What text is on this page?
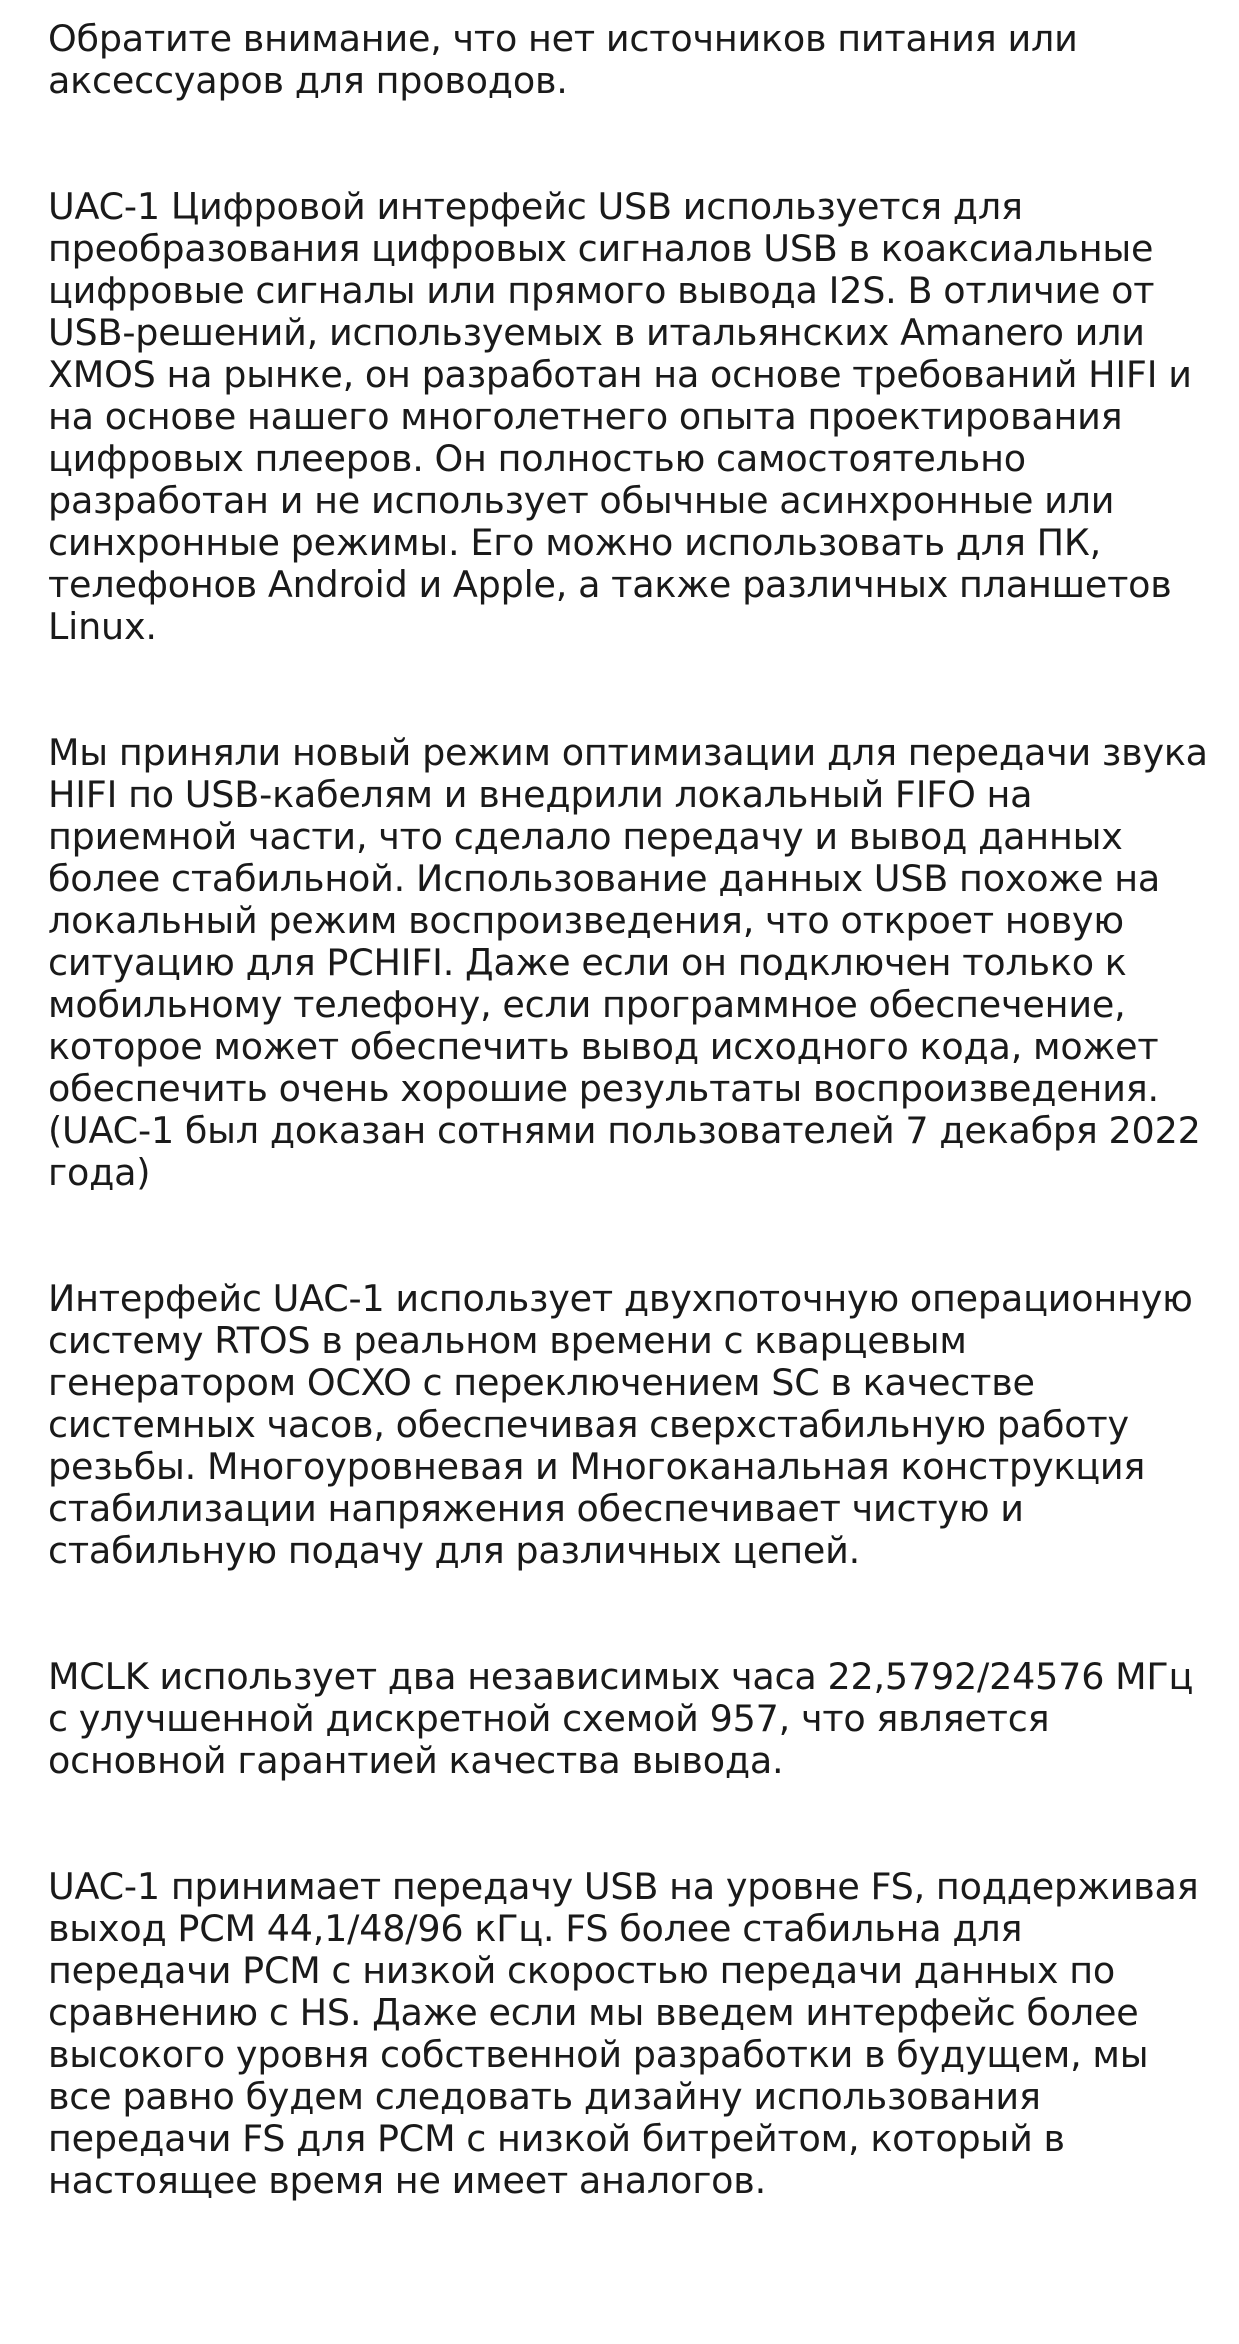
Обратите внимание, что нет источников питания или аксессуаров для проводов.

UAC-1 Цифровой интерфейс USB используется для преобразования цифровых сигналов USB в коаксиальные цифровые сигналы или прямого вывода I2S. В отличие от USB-решений, используемых в итальянских Amanero или XMOS на рынке, он разработан на основе требований HIFI и на основе нашего многолетнего опыта проектирования цифровых плееров. Он полностью самостоятельно разработан и не использует обычные асинхронные или синхронные режимы. Его можно использовать для ПК, телефонов Android и Apple, а также различных планшетов Linux.

Мы приняли новый режим оптимизации для передачи звука HIFI по USB-кабелям и внедрили локальный FIFO на приемной части, что сделало передачу и вывод данных более стабильной. Использование данных USB похоже на локальный режим воспроизведения, что откроет новую ситуацию для PCHIFI. Даже если он подключен только к мобильному телефону, если программное обеспечение, которое может обеспечить вывод исходного кода, может обеспечить очень хорошие результаты воспроизведения. (UAC-1 был доказан сотнями пользователей 7 декабря 2022 года)

Интерфейс UAC-1 использует двухпоточную операционную систему RTOS в реальном времени с кварцевым генератором OCXO с переключением SC в качестве системных часов, обеспечивая сверхстабильную работу резьбы. Многоуровневая и Многоканальная конструкция стабилизации напряжения обеспечивает чистую и стабильную подачу для различных цепей.

MCLK использует два независимых часа 22,5792/24576 МГц с улучшенной дискретной схемой 957, что является основной гарантией качества вывода.

UAC-1 принимает передачу USB на уровне FS, поддерживая выход PCM 44,1/48/96 кГц. FS более стабильна для передачи PCM с низкой скоростью передачи данных по сравнению с HS. Даже если мы введем интерфейс более высокого уровня собственной разработки в будущем, мы все равно будем следовать дизайну использования передачи FS для PCM с низкой битрейтом, который в настоящее время не имеет аналогов.
